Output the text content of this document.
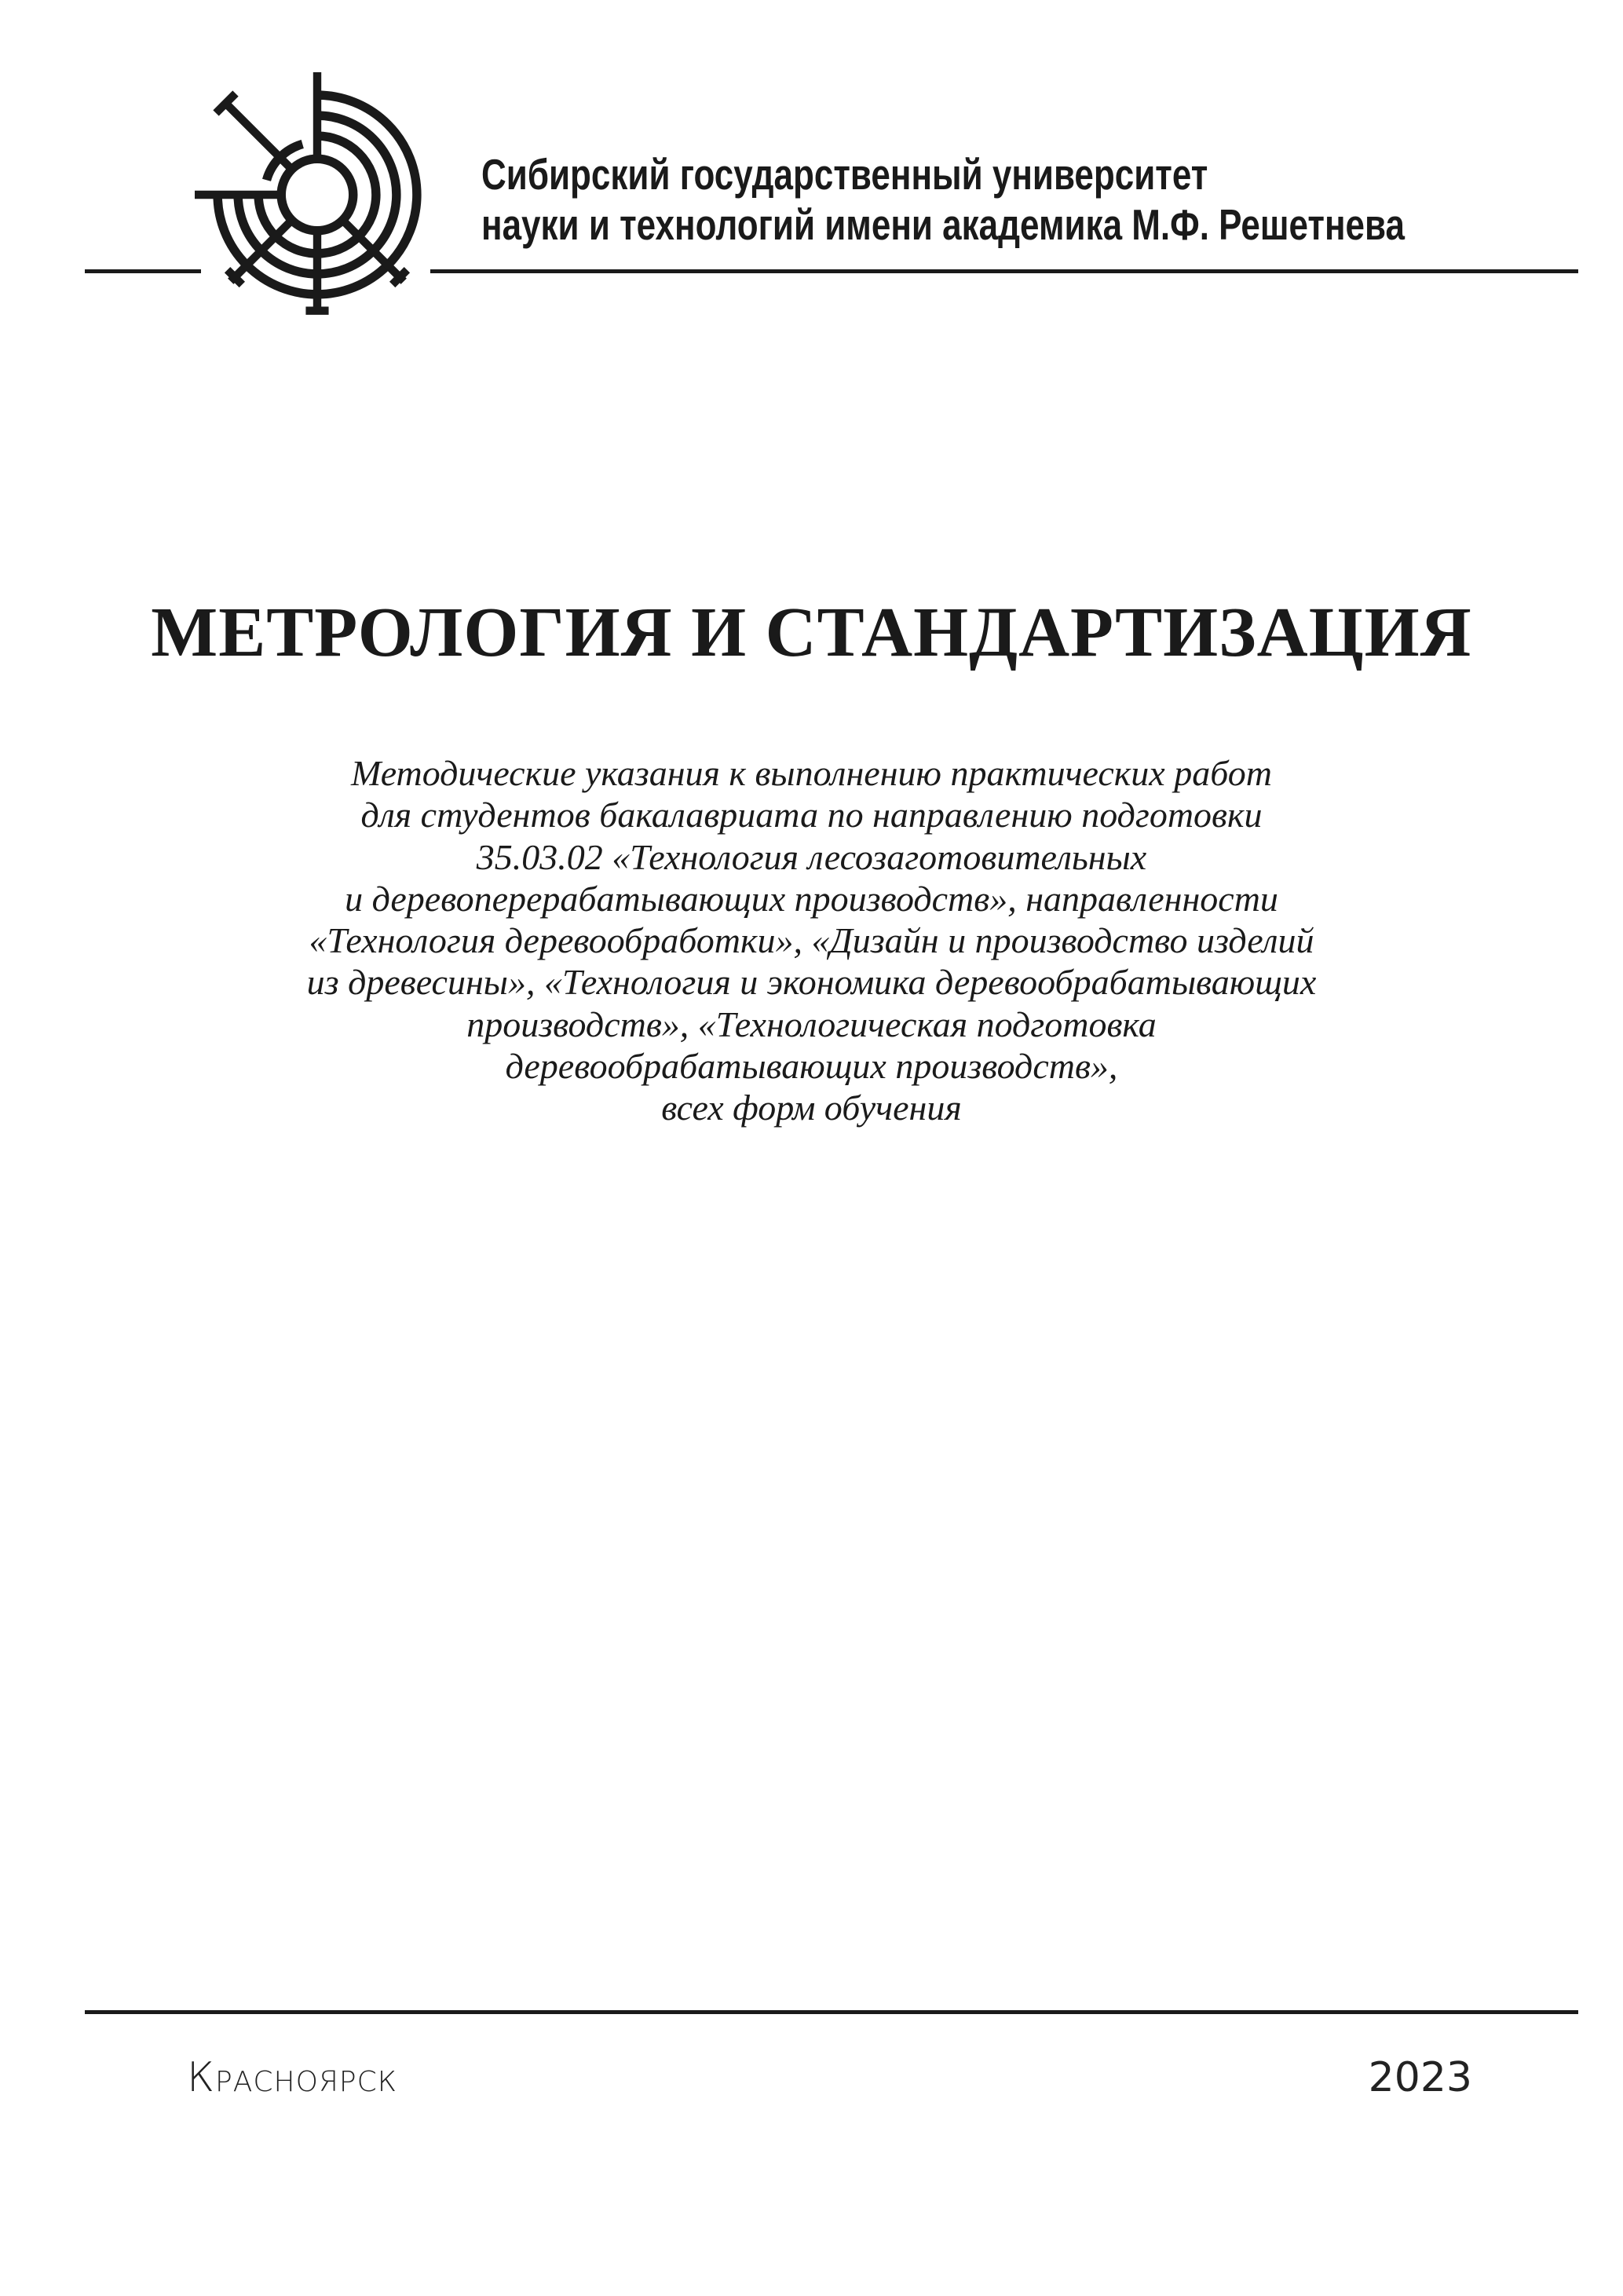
Сибирский государственный университет
науки и технологий имени академика М.Ф. Решетнева
МЕТРОЛОГИЯ И СТАНДАРТИЗАЦИЯ
Методические указания к выполнению практических работ
для студентов бакалавриата по направлению подготовки
35.03.02 «Технология лесозаготовительных
и деревоперерабатывающих производств», направленности
«Технология деревообработки», «Дизайн и производство изделий
из древесины», «Технология и экономика деревообрабатывающих
производств», «Технологическая подготовка
деревообрабатывающих производств»,
всех форм обучения
Красноярск	2023
